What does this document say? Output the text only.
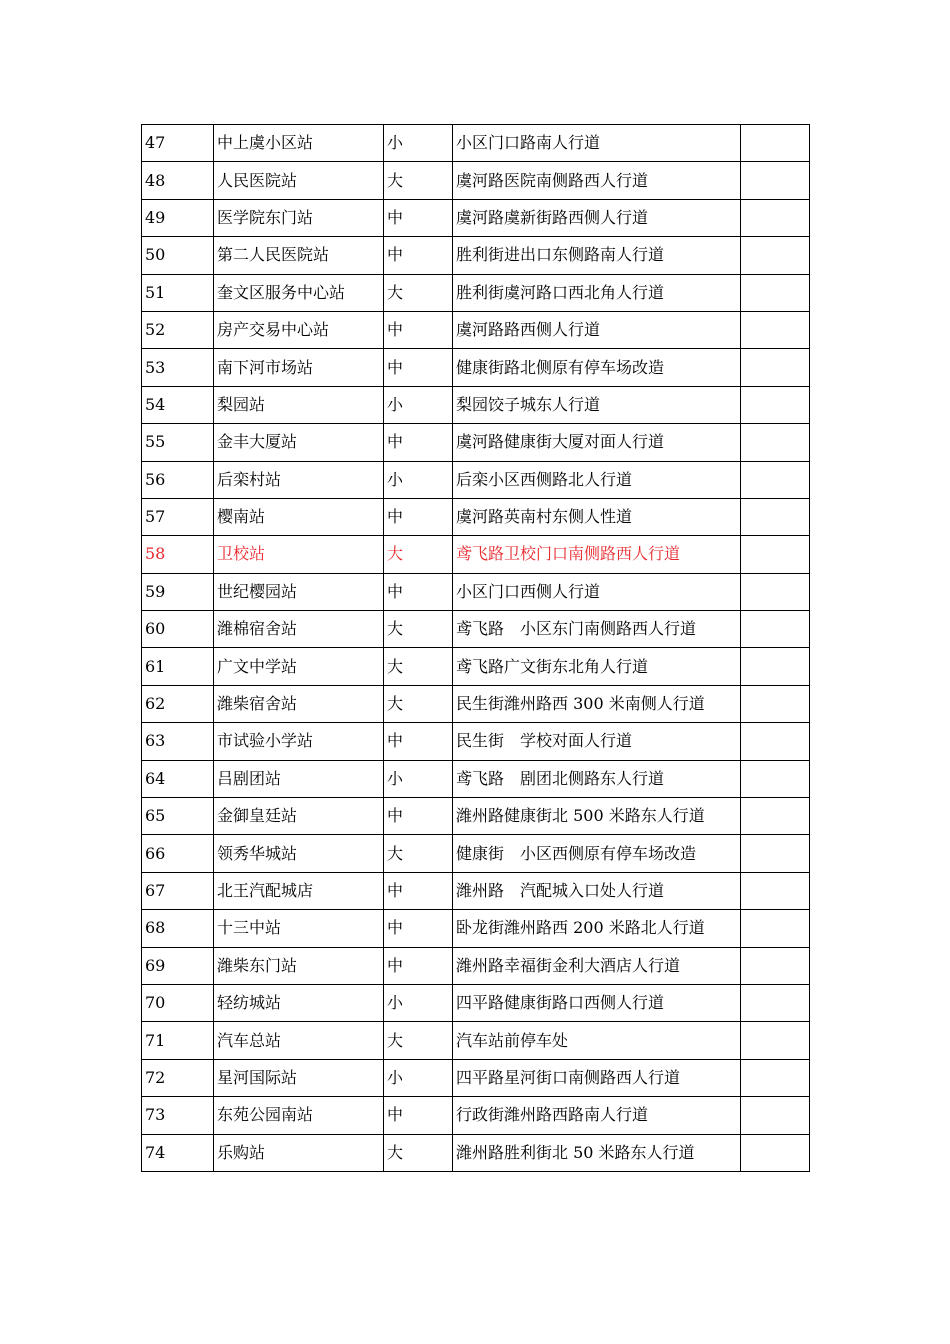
47	中上虞小区站	小	小区门口路南人行道	
48	人民医院站	大	虞河路医院南侧路西人行道	
49	医学院东门站	中	虞河路虞新街路西侧人行道	
50	第二人民医院站	中	胜利街进出口东侧路南人行道	
51	奎文区服务中心站	大	胜利街虞河路口西北角人行道	
52	房产交易中心站	中	虞河路路西侧人行道	
53	南下河市场站	中	健康街路北侧原有停车场改造	
54	梨园站	小	梨园饺子城东人行道	
55	金丰大厦站	中	虞河路健康街大厦对面人行道	
56	后栾村站	小	后栾小区西侧路北人行道	
57	樱南站	中	虞河路英南村东侧人性道	
58	卫校站	大	鸢飞路卫校门口南侧路西人行道	
59	世纪樱园站	中	小区门口西侧人行道	
60	潍棉宿舍站	大	鸢飞路　小区东门南侧路西人行道	
61	广文中学站	大	鸢飞路广文街东北角人行道	
62	潍柴宿舍站	大	民生街潍州路西 300 米南侧人行道	
63	市试验小学站	中	民生街　学校对面人行道	
64	吕剧团站	小	鸢飞路　剧团北侧路东人行道	
65	金御皇廷站	中	潍州路健康街北 500 米路东人行道	
66	领秀华城站	大	健康街　小区西侧原有停车场改造	
67	北王汽配城店	中	潍州路　汽配城入口处人行道	
68	十三中站	中	卧龙街潍州路西 200 米路北人行道	
69	潍柴东门站	中	潍州路幸福街金利大酒店人行道	
70	轻纺城站	小	四平路健康街路口西侧人行道	
71	汽车总站	大	汽车站前停车处	
72	星河国际站	小	四平路星河街口南侧路西人行道	
73	东苑公园南站	中	行政街潍州路西路南人行道	
74	乐购站	大	潍州路胜利街北 50 米路东人行道	
